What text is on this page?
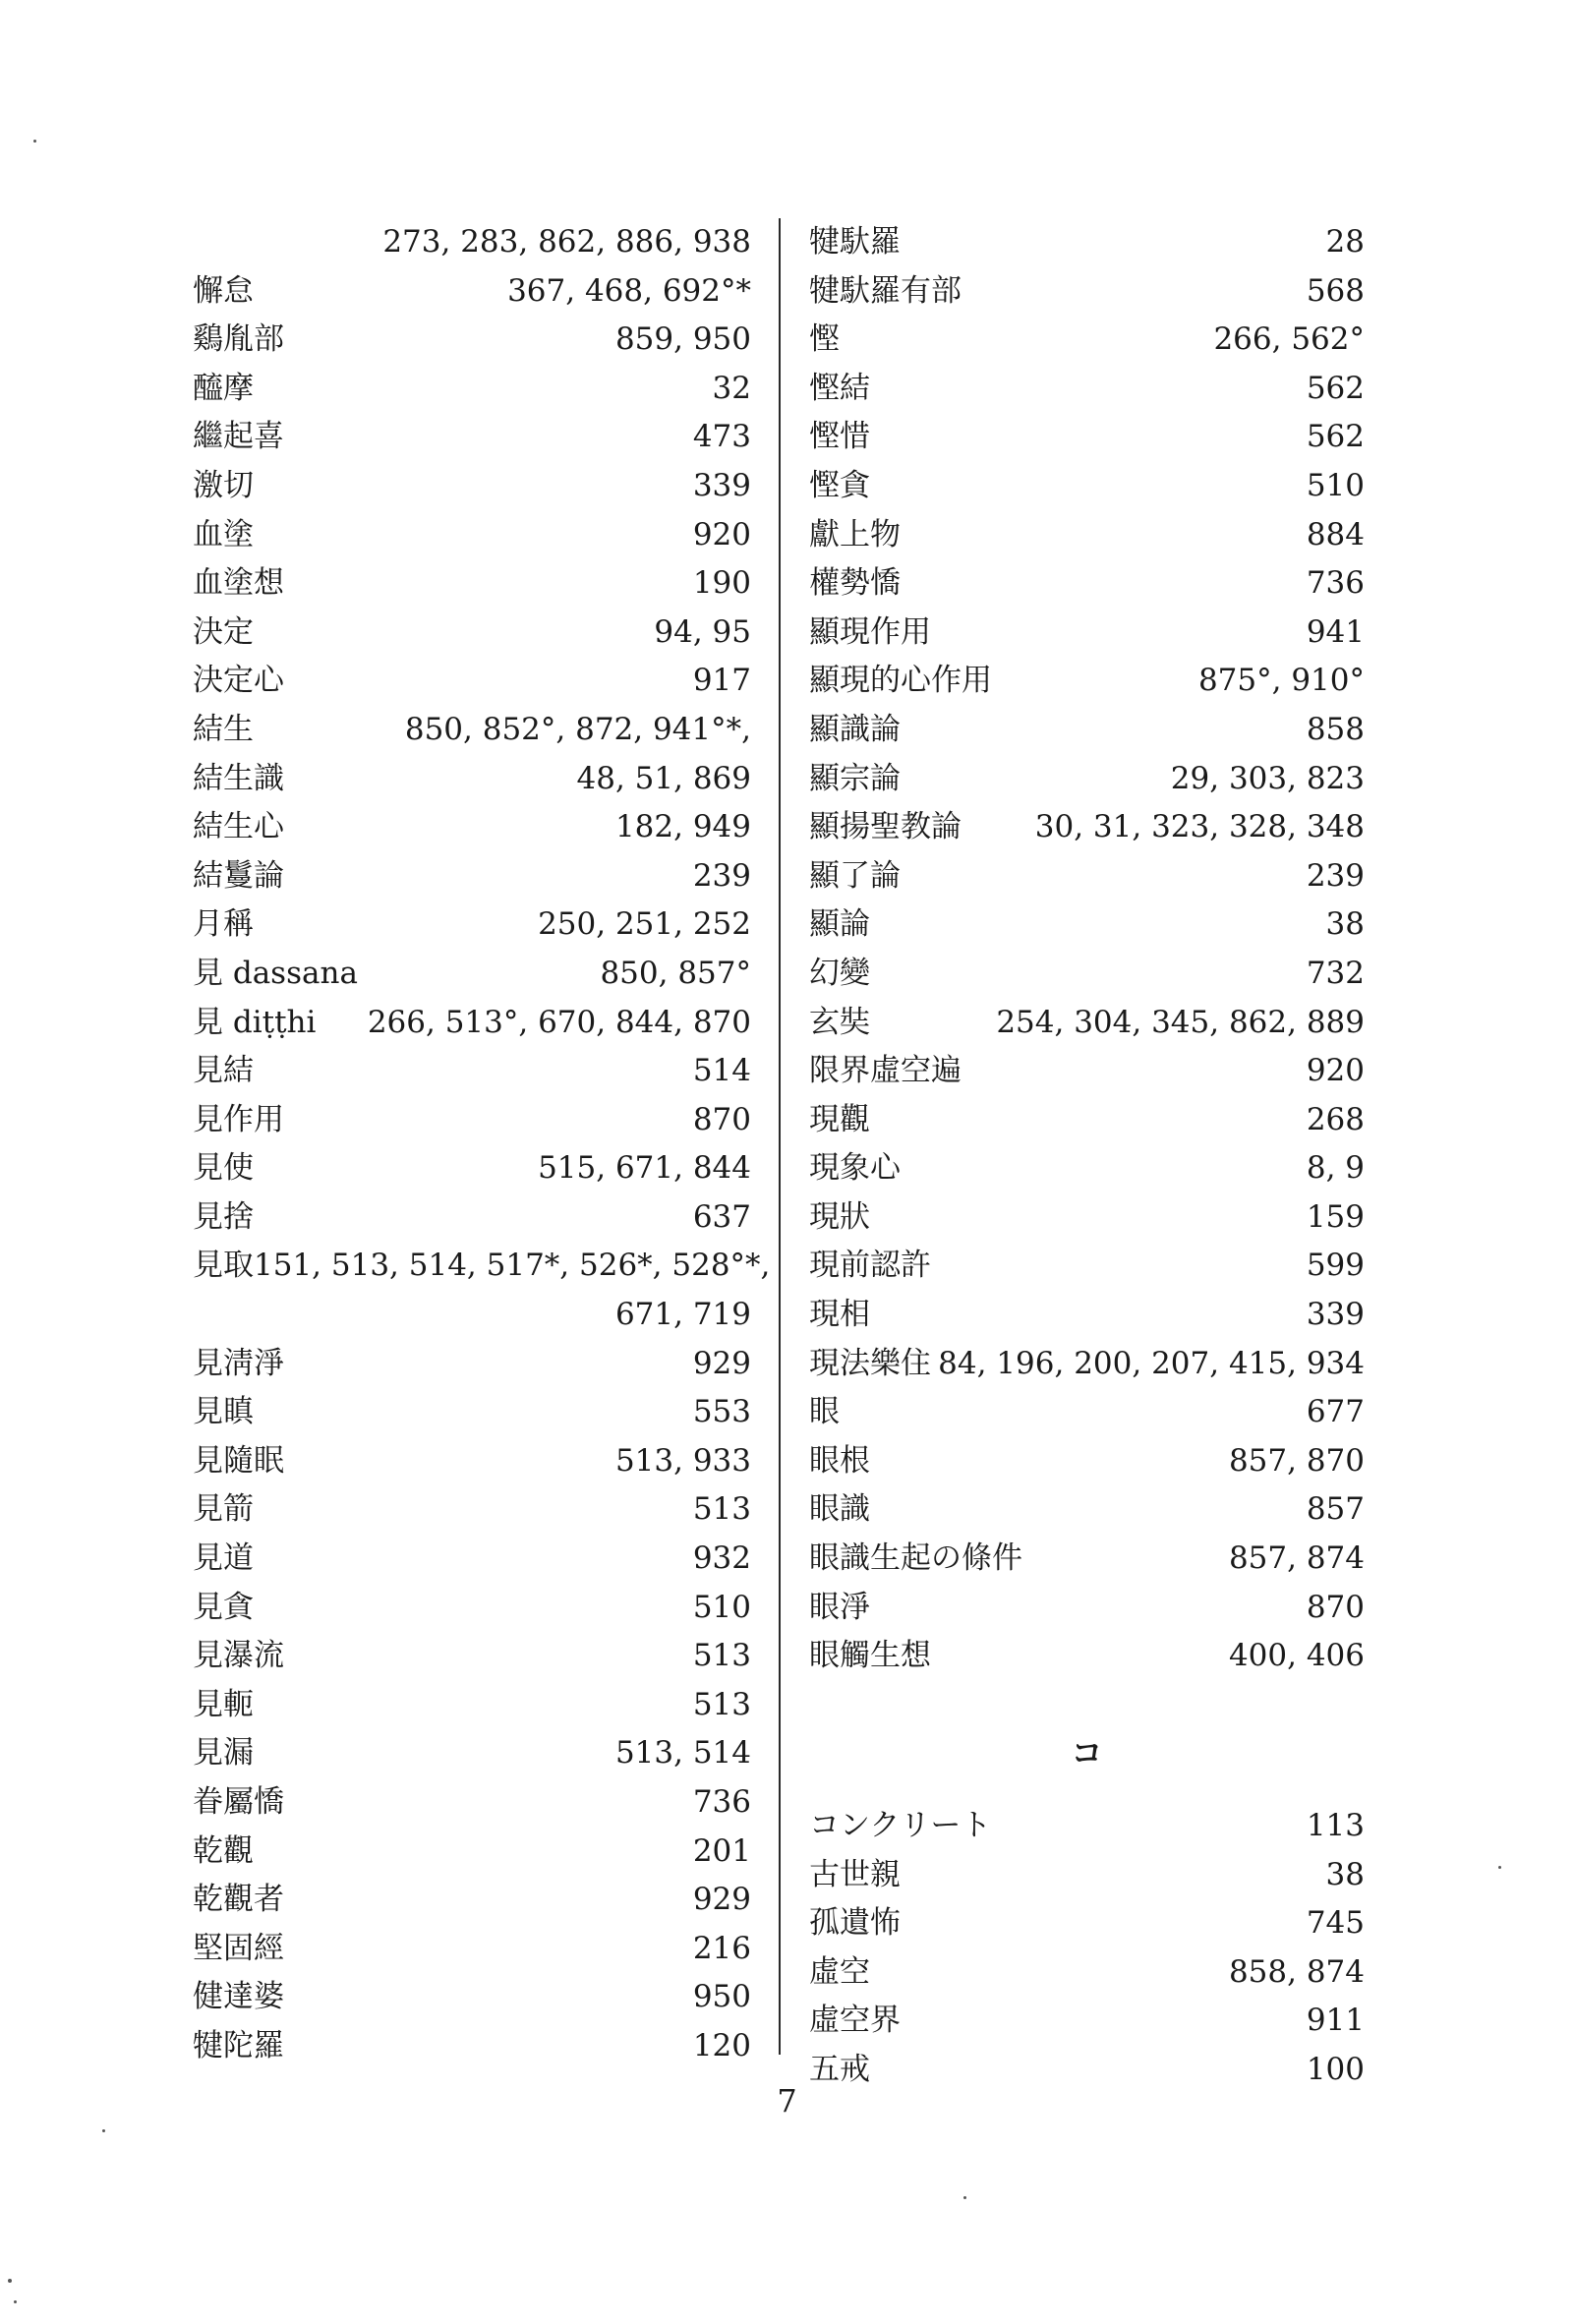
273, 283, 862, 886, 938
懈怠	367, 468, 692°*
鷄胤部	859, 950
醯摩	32
繼起喜	473
激切	339
血塗	920
血塗想	190
決定	94, 95
決定心	917
結生	850, 852°, 872, 941°*,
結生識	48, 51, 869
結生心	182, 949
結鬘論	239
月稱	250, 251, 252
見 dassana	850, 857°
見 diṭṭhi 266, 513°, 670, 844, 870
見結	514
見作用	870
見使	515, 671, 844
見捨	637
見取 151, 513, 514, 517*, 526*, 528°*,
671, 719
見淸淨	929
見瞋	553
見隨眠	513, 933
見箭	513
見道	932
見貪	510
見瀑流	513
見軛	513
見漏	513, 514
眷屬憍	736
乾觀	201
乾觀者	929
堅固經	216
健達婆	950
犍陀羅	120
犍馱羅	28
犍馱羅有部	568
慳	266, 562°
慳結	562
慳惜	562
慳貪	510
獻上物	884
權勢憍	736
顯現作用	941
顯現的心作用	875°, 910°
顯識論	858
顯宗論	29, 303, 823
顯揚聖教論 30, 31, 323, 328, 348
顯了論	239
顯論	38
幻變	732
玄奘	254, 304, 345, 862, 889
限界虛空遍	920
現觀	268
現象心	8, 9
現狀	159
現前認許	599
現相	339
現法樂住 84, 196, 200, 207, 415, 934
眼	677
眼根	857, 870
眼識	857
眼識生起の條件	857, 874
眼淨	870
眼觸生想	400, 406
コ
コンクリート	113
古世親	38
孤遺怖	745
虛空	858, 874
虛空界	911
五戒	100
7
